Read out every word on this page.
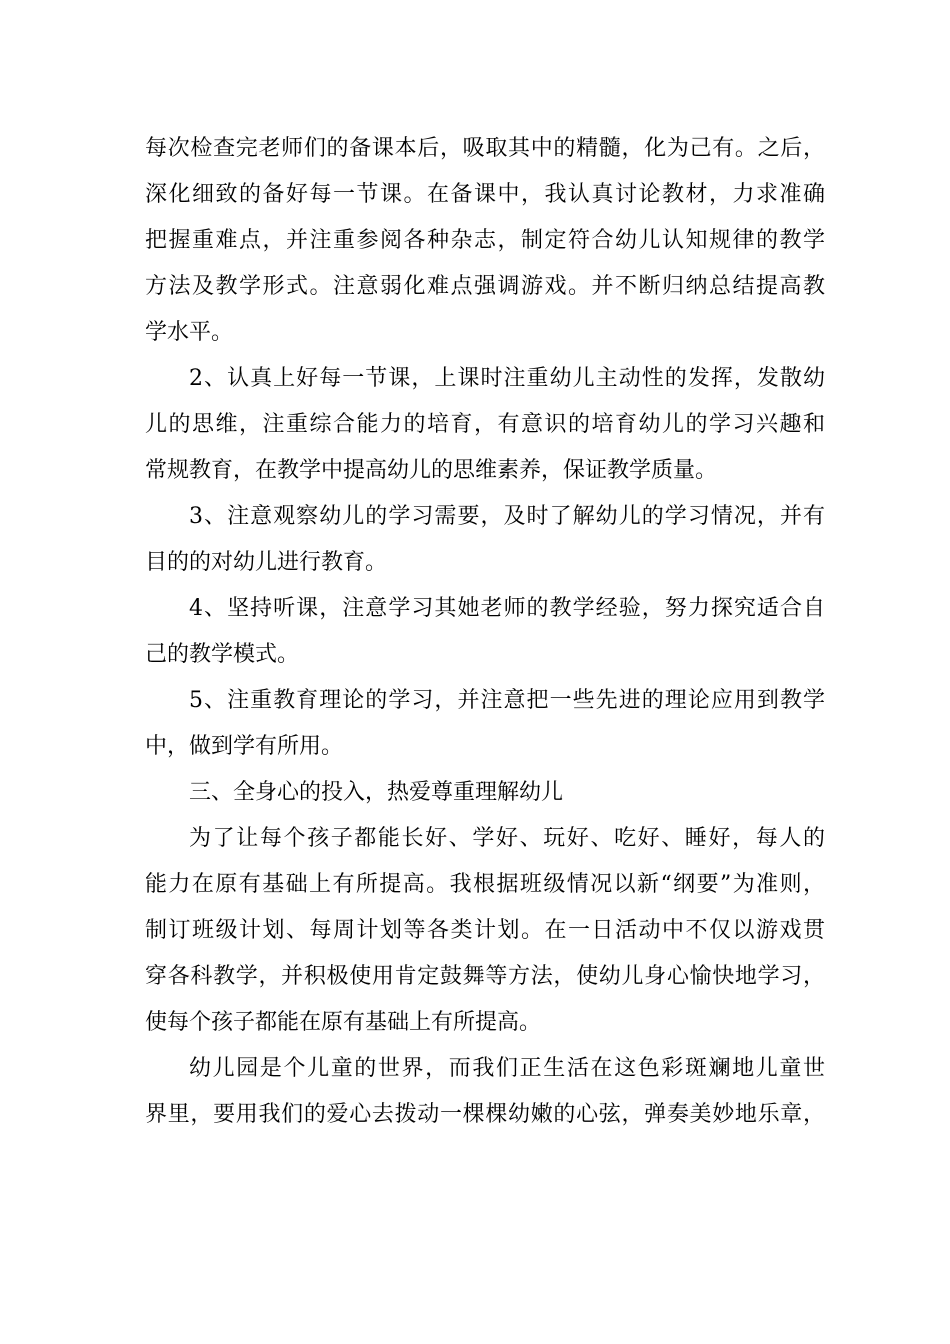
每次检查完老师们的备课本后，吸取其中的精髓，化为己有。之后，
深化细致的备好每一节课。在备课中，我认真讨论教材，力求准确
把握重难点，并注重参阅各种杂志，制定符合幼儿认知规律的教学
方法及教学形式。注意弱化难点强调游戏。并不断归纳总结提高教
学水平。
2、认真上好每一节课，上课时注重幼儿主动性的发挥，发散幼
儿的思维，注重综合能力的培育，有意识的培育幼儿的学习兴趣和
常规教育，在教学中提高幼儿的思维素养，保证教学质量。
3、注意观察幼儿的学习需要，及时了解幼儿的学习情况，并有
目的的对幼儿进行教育。
4、坚持听课，注意学习其她老师的教学经验，努力探究适合自
己的教学模式。
5、注重教育理论的学习，并注意把一些先进的理论应用到教学
中，做到学有所用。
三、全身心的投入，热爱尊重理解幼儿
为了让每个孩子都能长好、学好、玩好、吃好、睡好，每人的
能力在原有基础上有所提高。我根据班级情况以新“纲要”为准则，
制订班级计划、每周计划等各类计划。在一日活动中不仅以游戏贯
穿各科教学，并积极使用肯定鼓舞等方法，使幼儿身心愉快地学习，
使每个孩子都能在原有基础上有所提高。
幼儿园是个儿童的世界，而我们正生活在这色彩斑斓地儿童世
界里，要用我们的爱心去拨动一棵棵幼嫩的心弦，弹奏美妙地乐章，
